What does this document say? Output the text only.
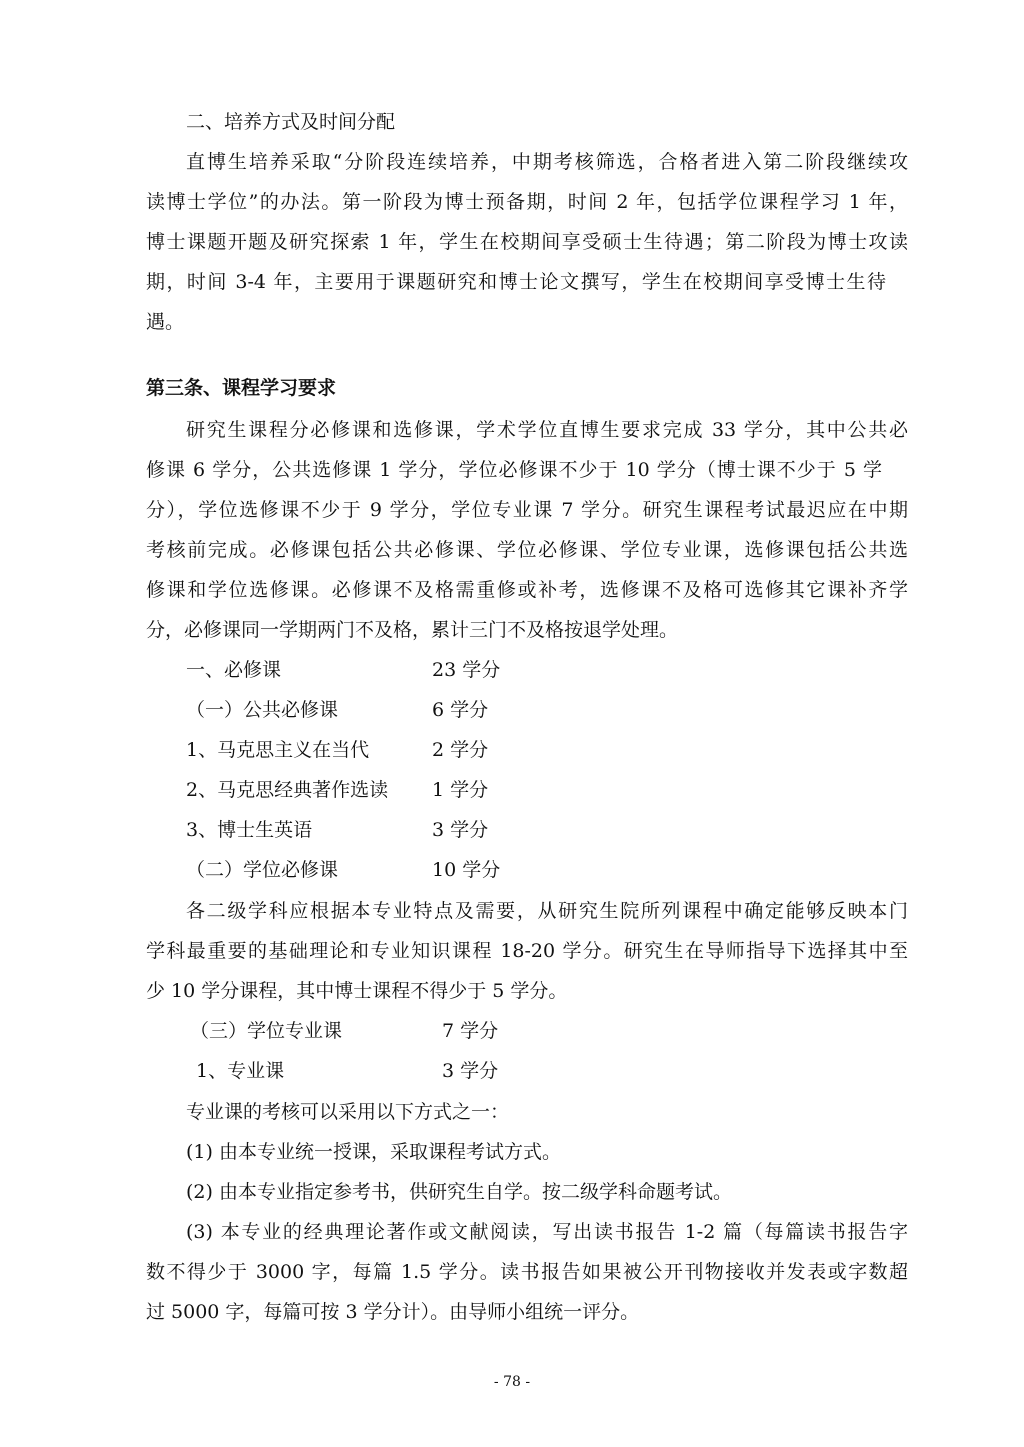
二、培养方式及时间分配
直博生培养采取“分阶段连续培养，中期考核筛选，合格者进入第二阶段继续攻
读博士学位”的办法。第一阶段为博士预备期，时间 2 年，包括学位课程学习 1 年，
博士课题开题及研究探索 1 年，学生在校期间享受硕士生待遇；第二阶段为博士攻读
期，时间 3-4 年，主要用于课题研究和博士论文撰写，学生在校期间享受博士生待
遇。
第三条、课程学习要求
研究生课程分必修课和选修课，学术学位直博生要求完成 33 学分，其中公共必
修课 6 学分，公共选修课 1 学分，学位必修课不少于 10 学分（博士课不少于 5 学
分），学位选修课不少于 9 学分，学位专业课 7 学分。研究生课程考试最迟应在中期
考核前完成。必修课包括公共必修课、学位必修课、学位专业课，选修课包括公共选
修课和学位选修课。必修课不及格需重修或补考，选修课不及格可选修其它课补齐学
分，必修课同一学期两门不及格，累计三门不及格按退学处理。
一、必修课	23 学分
（一）公共必修课	6 学分
1、马克思主义在当代	2 学分
2、马克思经典著作选读 1 学分
3、博士生英语	3 学分
（二）学位必修课	10 学分
各二级学科应根据本专业特点及需要，从研究生院所列课程中确定能够反映本门
学科最重要的基础理论和专业知识课程 18-20 学分。研究生在导师指导下选择其中至
少 10 学分课程，其中博士课程不得少于 5 学分。
（三）学位专业课	7 学分
1、专业课	3 学分
专业课的考核可以采用以下方式之一：
(1) 由本专业统一授课，采取课程考试方式。
(2) 由本专业指定参考书，供研究生自学。按二级学科命题考试。
(3) 本专业的经典理论著作或文献阅读，写出读书报告 1-2 篇（每篇读书报告字
数不得少于 3000 字，每篇 1.5 学分。读书报告如果被公开刊物接收并发表或字数超
过 5000 字，每篇可按 3 学分计）。由导师小组统一评分。
- 78 -
